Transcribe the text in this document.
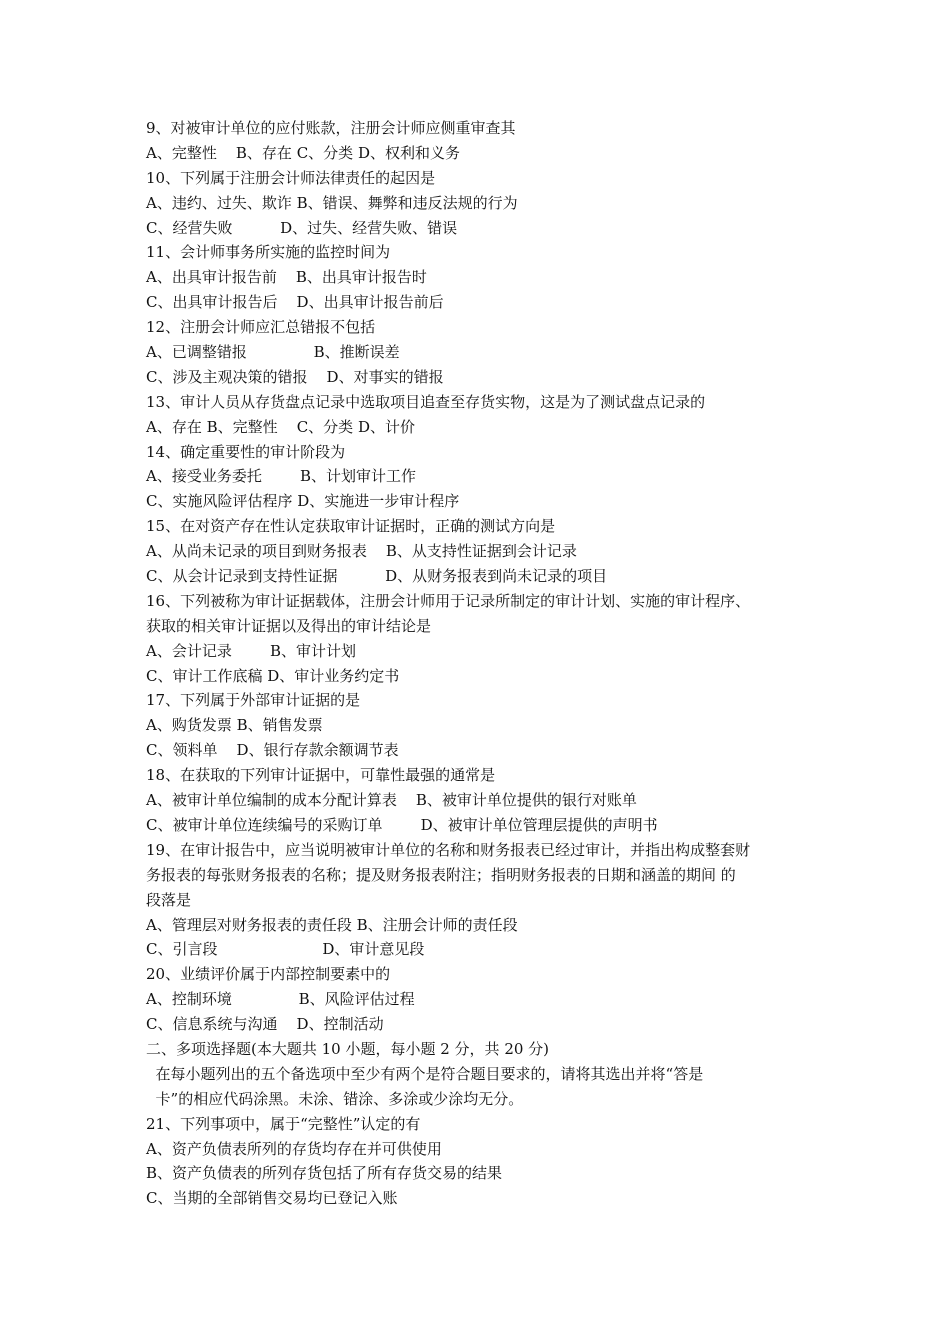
9、对被审计单位的应付账款，注册会计师应侧重审查其
A、完整性    B、存在 C、分类 D、权利和义务
10、下列属于注册会计师法律责任的起因是
A、违约、过失、欺诈 B、错误、舞弊和违反法规的行为
C、经营失败          D、过失、经营失败、错误
11、会计师事务所实施的监控时间为
A、出具审计报告前    B、出具审计报告时
C、出具审计报告后    D、出具审计报告前后
12、注册会计师应汇总错报不包括
A、已调整错报              B、推断误差
C、涉及主观决策的错报    D、对事实的错报
13、审计人员从存货盘点记录中选取项目追查至存货实物，这是为了测试盘点记录的
A、存在 B、完整性    C、分类 D、计价
14、确定重要性的审计阶段为
A、接受业务委托        B、计划审计工作
C、实施风险评估程序 D、实施进一步审计程序
15、在对资产存在性认定获取审计证据时，正确的测试方向是
A、从尚未记录的项目到财务报表    B、从支持性证据到会计记录
C、从会计记录到支持性证据          D、从财务报表到尚未记录的项目
16、下列被称为审计证据载体，注册会计师用于记录所制定的审计计划、实施的审计程序、
获取的相关审计证据以及得出的审计结论是
A、会计记录        B、审计计划
C、审计工作底稿 D、审计业务约定书
17、下列属于外部审计证据的是
A、购货发票 B、销售发票
C、领料单    D、银行存款余额调节表
18、在获取的下列审计证据中，可靠性最强的通常是
A、被审计单位编制的成本分配计算表    B、被审计单位提供的银行对账单
C、被审计单位连续编号的采购订单        D、被审计单位管理层提供的声明书
19、在审计报告中，应当说明被审计单位的名称和财务报表已经过审计，并指出构成整套财
务报表的每张财务报表的名称；提及财务报表附注；指明财务报表的日期和涵盖的期间 的
段落是
A、管理层对财务报表的责任段 B、注册会计师的责任段
C、引言段                      D、审计意见段
20、业绩评价属于内部控制要素中的
A、控制环境              B、风险评估过程
C、信息系统与沟通    D、控制活动
二、多项选择题(本大题共 10 小题，每小题 2 分，共 20 分)
在每小题列出的五个备选项中至少有两个是符合题目要求的，请将其选出并将“答是
卡”的相应代码涂黑。未涂、错涂、多涂或少涂均无分。
21、下列事项中，属于“完整性”认定的有
A、资产负债表所列的存货均存在并可供使用
B、资产负债表的所列存货包括了所有存货交易的结果
C、当期的全部销售交易均已登记入账
